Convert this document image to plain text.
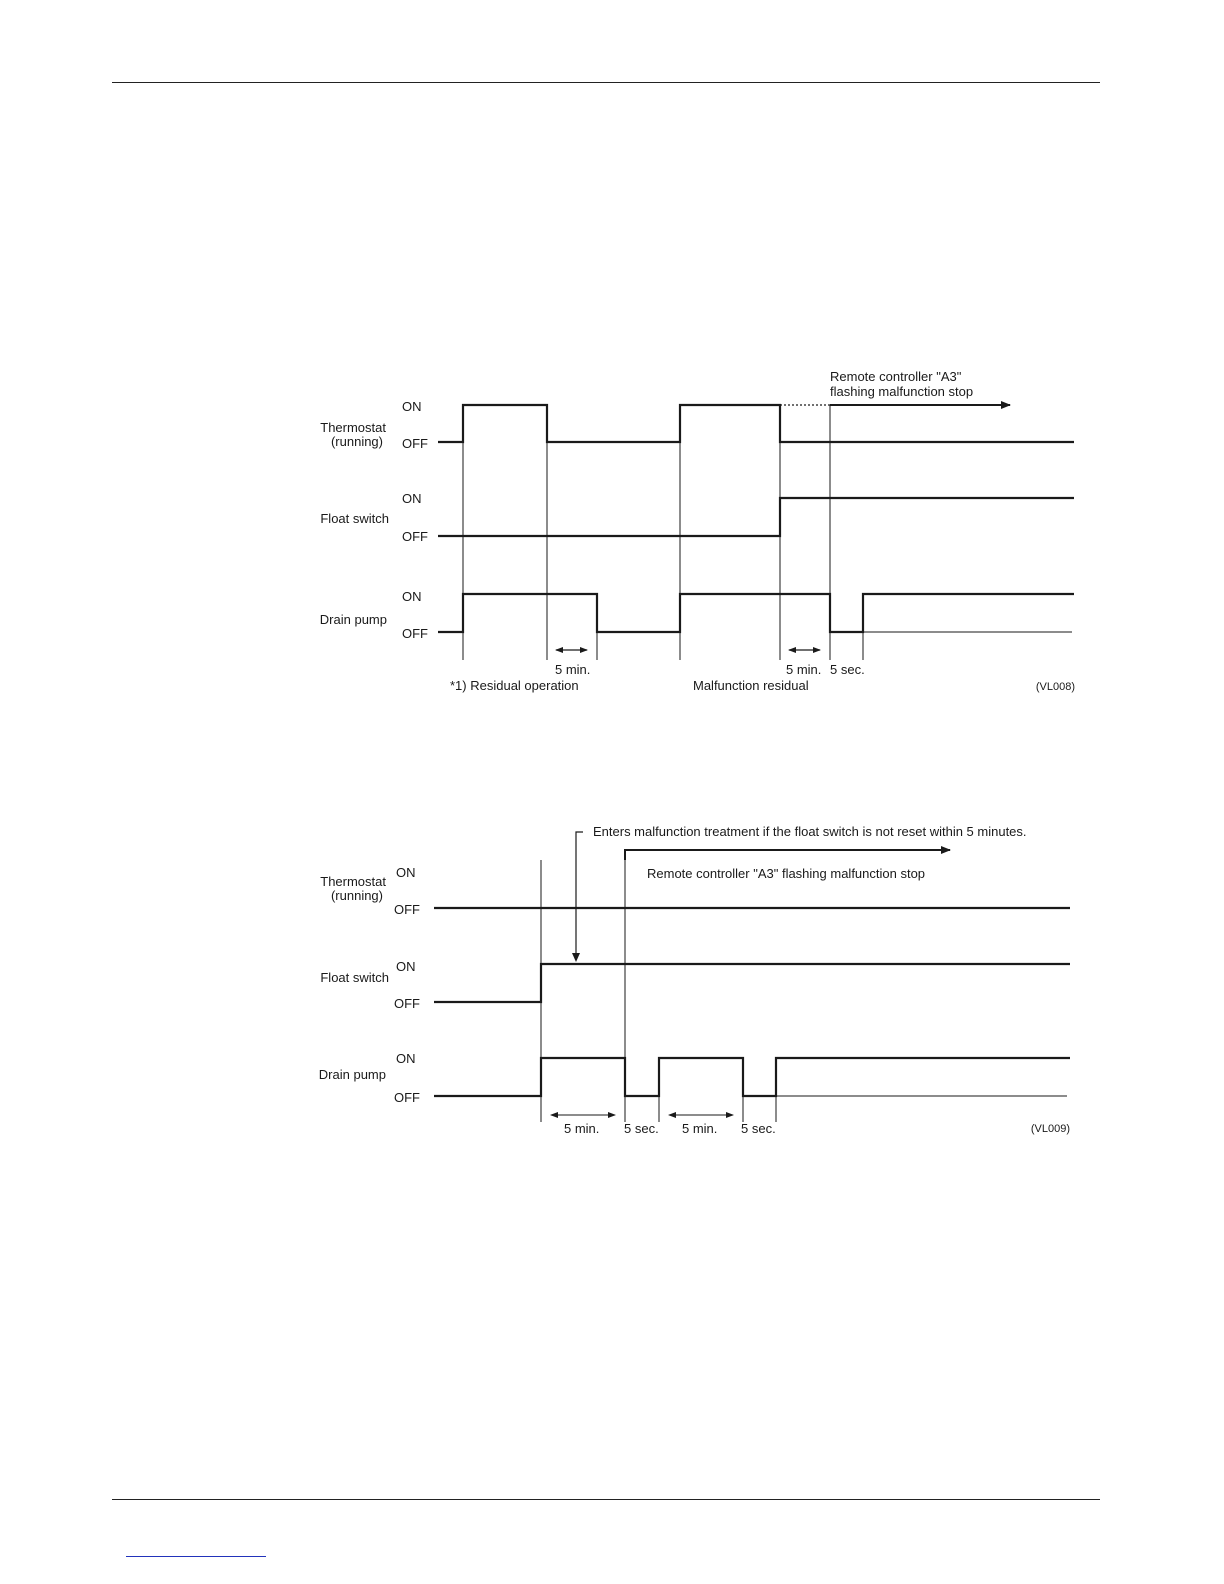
Thermostat
(running)
Float switch
Drain pump
ON
OFF
ON
OFF
ON
OFF
5 min.	5 min. 5 sec.
*1) Residual operation	Malfunction residual	(VL008)
Remote controller "A3"
flashing malfunction stop
Thermostat
(running)
Float switch
Drain pump
ON
OFF
ON
OFF
ON
OFF
5 min. 5 sec. 5 min. 5 sec.	(VL009)
Enters malfunction treatment if the float switch is not reset within 5 minutes.
Remote controller "A3" flashing malfunction stop
